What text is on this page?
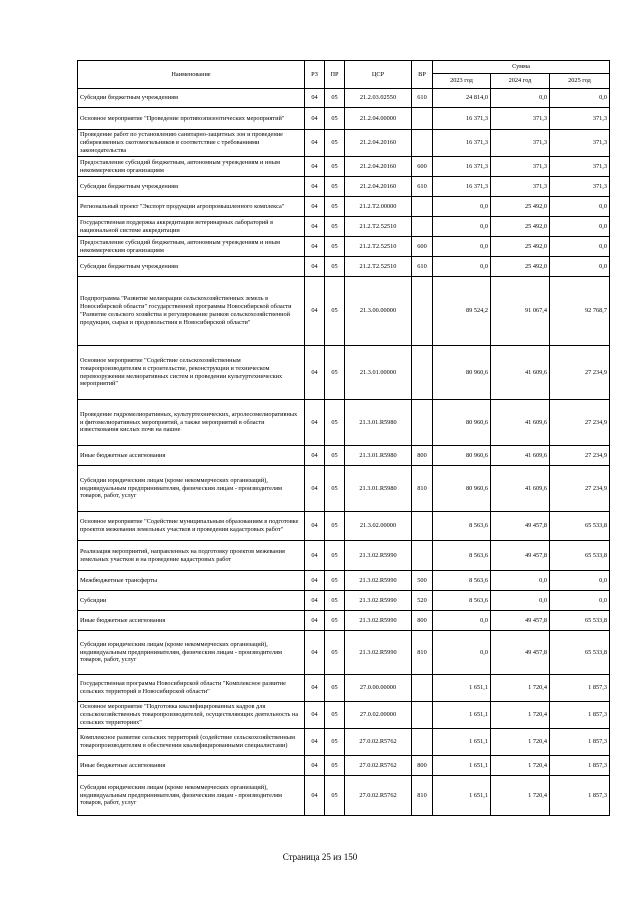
Наименование	РЗ	ПР	ЦСР	ВР	Сумма		
					2023 год	2024 год	2025 год
Субсидии бюджетным учреждениям	04	05	21.2.03.02550	610	24 814,0	0,0	0,0
Основное мероприятие "Проведение противоэпизоотических мероприятий"	04	05	21.2.04.00000		16 371,3	371,3	371,3
Проведение работ по установлению санитарно-защитных зон и проведение сибиреязвенных скотомогильников в соответствие с требованиями законодательства	04	05	21.2.04.20160		16 371,3	371,3	371,3
Предоставление субсидий бюджетным, автономным учреждениям и иным некоммерческим организациям	04	05	21.2.04.20160	600	16 371,3	371,3	371,3
Субсидии бюджетным учреждениям	04	05	21.2.04.20160	610	16 371,3	371,3	371,3
Региональный проект "Экспорт продукции агропромышленного комплекса"	04	05	21.2.T2.00000		0,0	25 492,0	0,0
Государственная поддержка аккредитации ветеринарных лабораторий в национальной системе аккредитации	04	05	21.2.T2.52510		0,0	25 492,0	0,0
Предоставление субсидий бюджетным, автономным учреждениям и иным некоммерческим организациям	04	05	21.2.T2.52510	600	0,0	25 492,0	0,0
Субсидии бюджетным учреждениям	04	05	21.2.T2.52510	610	0,0	25 492,0	0,0
Подпрограмма "Развитие мелиорации сельскохозяйственных земель в Новосибирской области" государственной программы Новосибирской области "Развитие сельского хозяйства и регулирование рынков сельскохозяйственной продукции, сырья и продовольствия в Новосибирской области"	04	05	21.3.00.00000		89 524,2	91 067,4	92 768,7
Основное мероприятие "Содействие сельскохозяйственным товаропроизводителям в строительстве, реконструкции и техническом перевооружении мелиоративных систем и проведении культуртехнических мероприятий"	04	05	21.3.01.00000		80 960,6	41 609,6	27 234,9
Проведение гидромелиоративных, культуртехнических, агролесомелиоративных и фитомелиоративных мероприятий, а также мероприятий в области известкования кислых почв на пашне	04	05	21.3.01.R5980		80 960,6	41 609,6	27 234,9
Иные бюджетные ассигнования	04	05	21.3.01.R5980	800	80 960,6	41 609,6	27 234,9
Субсидии юридическим лицам (кроме некоммерческих организаций), индивидуальным предпринимателям, физическим лицам - производителям товаров, работ, услуг	04	05	21.3.01.R5980	810	80 960,6	41 609,6	27 234,9
Основное мероприятие "Содействие муниципальным образованиям в подготовке проектов межевания земельных участков и проведении кадастровых работ"	04	05	21.3.02.00000		8 563,6	49 457,8	65 533,8
Реализация мероприятий, направленных на подготовку проектов межевания земельных участков и на проведение кадастровых работ	04	05	21.3.02.R5990		8 563,6	49 457,8	65 533,8
Межбюджетные трансферты	04	05	21.3.02.R5990	500	8 563,6	0,0	0,0
Субсидии	04	05	21.3.02.R5990	520	8 563,6	0,0	0,0
Иные бюджетные ассигнования	04	05	21.3.02.R5990	800	0,0	49 457,8	65 533,8
Субсидии юридическим лицам (кроме некоммерческих организаций), индивидуальным предпринимателям, физическим лицам - производителям товаров, работ, услуг	04	05	21.3.02.R5990	810	0,0	49 457,8	65 533,8
Государственная программа Новосибирской области "Комплексное развитие сельских территорий в Новосибирской области"	04	05	27.0.00.00000		1 651,1	1 720,4	1 857,3
Основное мероприятие "Подготовка квалифицированных кадров для сельскохозяйственных товаропроизводителей, осуществляющих деятельность на сельских территориях"	04	05	27.0.02.00000		1 651,1	1 720,4	1 857,3
Комплексное развитие сельских территорий (содействие сельскохозяйственным товаропроизводителям в обеспечении квалифицированными специалистами)	04	05	27.0.02.R5762		1 651,1	1 720,4	1 857,3
Иные бюджетные ассигнования	04	05	27.0.02.R5762	800	1 651,1	1 720,4	1 857,3
Субсидии юридическим лицам (кроме некоммерческих организаций), индивидуальным предпринимателям, физическим лицам - производителям товаров, работ, услуг	04	05	27.0.02.R5762	810	1 651,1	1 720,4	1 857,3
Страница 25 из 150
